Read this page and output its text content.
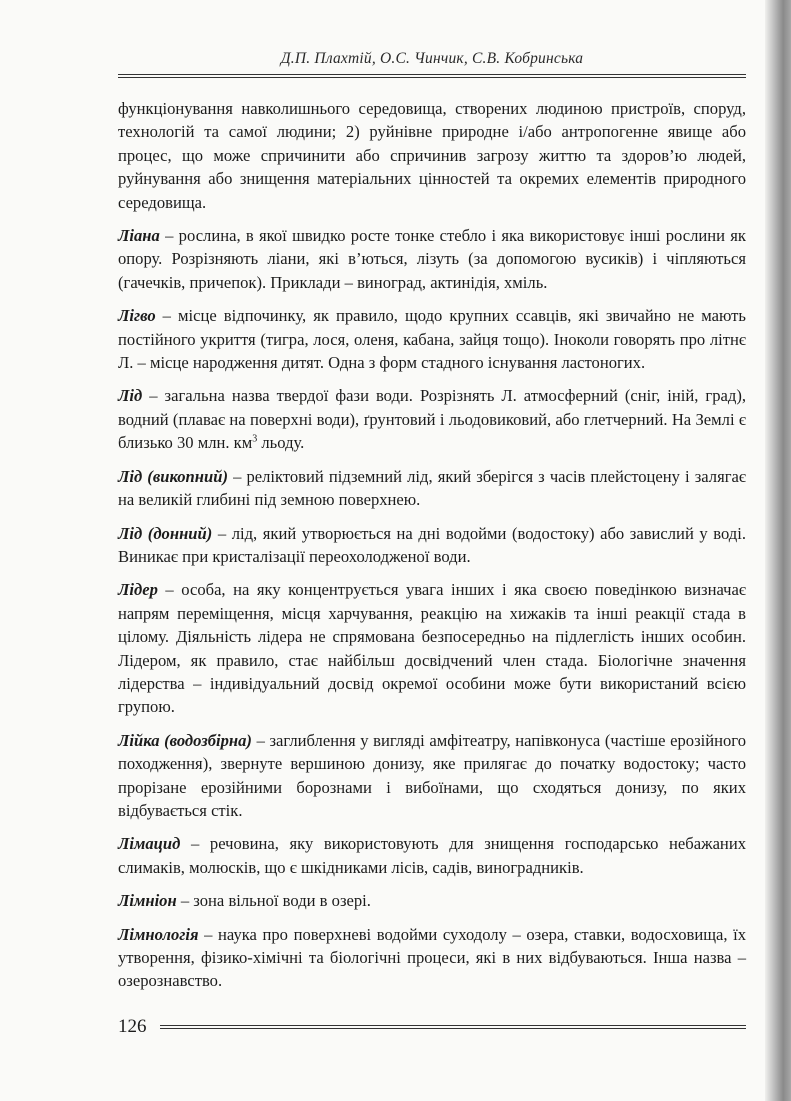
Д.П. Плахтій, О.С. Чинчик, С.В. Кобринська

функціонування навколишнього середовища, створених людиною пристроїв, споруд, технологій та самої людини; 2) руйнівне природне і/або антропогенне явище або процес, що може спричинити або спричинив загрозу життю та здоров’ю людей, руйнування або знищення матеріальних цінностей та окремих елементів природного середовища.

Ліана – рослина, в якої швидко росте тонке стебло і яка використовує інші рослини як опору. Розрізняють ліани, які в’ються, лізуть (за допомогою вусиків) і чіпляються (гачечків, причепок). Приклади – виноград, актинідія, хміль.

Лігво – місце відпочинку, як правило, щодо крупних ссавців, які звичайно не мають постійного укриття (тигра, лося, оленя, кабана, зайця тощо). Іноколи говорять про літнє Л. – місце народження дитят. Одна з форм стадного існування ластоногих.

Лід – загальна назва твердої фази води. Розрізнять Л. атмосферний (сніг, іній, град), водний (плаває на поверхні води), ґрунтовий і льодовиковий, або глетчерний. На Землі є близько 30 млн. $км^3$ льоду.

Лід (викопний) – реліктовий підземний лід, який зберігся з часів плейстоцену і залягає на великій глибині під земною поверхнею.

Лід (донний) – лід, який утворюється на дні водойми (водостоку) або завислий у воді. Виникає при кристалізації переохолодженої води.

Лідер – особа, на яку концентрується увага інших і яка своєю поведінкою визначає напрям переміщення, місця харчування, реакцію на хижаків та інші реакції стада в цілому. Діяльність лідера не спрямована безпосередньо на підлеглість інших особин. Лідером, як правило, стає найбільш досвідчений член стада. Біологічне значення лідерства – індивідуальний досвід окремої особини може бути використаний всією групою.

Лійка (водозбірна) – заглиблення у вигляді амфітеатру, напівконуса (частіше ерозійного походження), звернуте вершиною донизу, яке прилягає до початку водостоку; часто прорізане ерозійними борознами і вибоїнами, що сходяться донизу, по яких відбувається стік.

Лімацид – речовина, яку використовують для знищення господарсько небажаних слимаків, молюсків, що є шкідниками лісів, садів, виноградників.

Лімніон – зона вільної води в озері.

Лімнологія – наука про поверхневі водойми суходолу – озера, ставки, водосховища, їх утворення, фізико-хімічні та біологічні процеси, які в них відбуваються. Інша назва – озерознавство.

126
